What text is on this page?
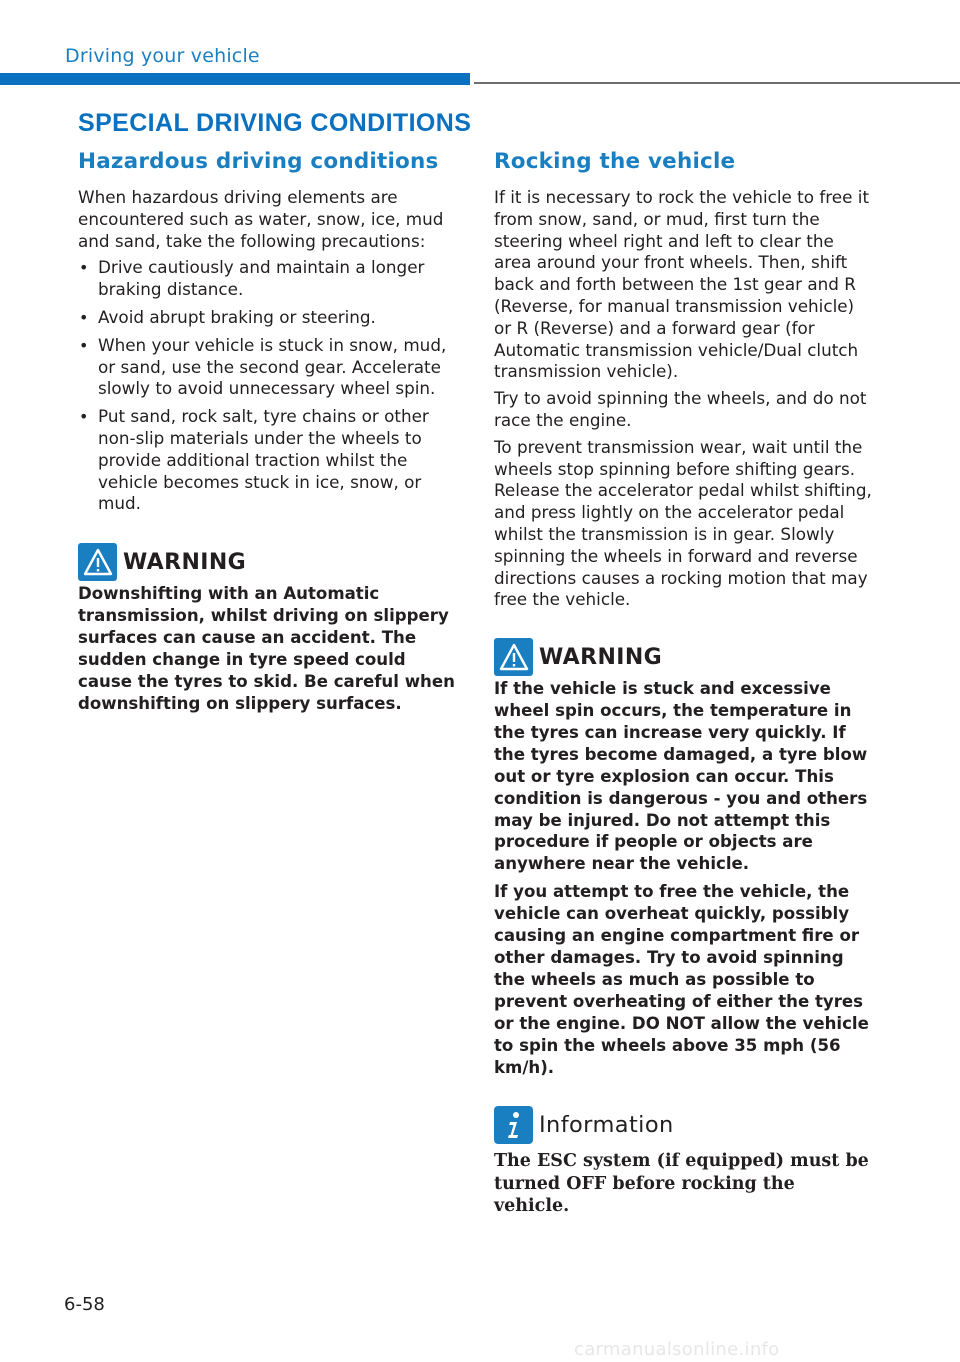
Driving your vehicle
SPECIAL DRIVING CONDITIONS
Hazardous driving conditions

When hazardous driving elements are encountered such as water, snow, ice, mud and sand, take the following precautions:

• Drive cautiously and maintain a longer braking distance.
• Avoid abrupt braking or steering.
• When your vehicle is stuck in snow, mud, or sand, use the second gear. Accelerate slowly to avoid unnecessary wheel spin.
• Put sand, rock salt, tyre chains or other non-slip materials under the wheels to provide additional traction whilst the vehicle becomes stuck in ice, snow, or mud.
WARNING

Downshifting with an Automatic transmission, whilst driving on slippery surfaces can cause an accident. The sudden change in tyre speed could cause the tyres to skid. Be careful when downshifting on slippery surfaces.

Rocking the vehicle

If it is necessary to rock the vehicle to free it from snow, sand, or mud, first turn the steering wheel right and left to clear the area around your front wheels. Then, shift back and forth between the 1st gear and R (Reverse, for manual transmission vehicle) or R (Reverse) and a forward gear (for Automatic transmission vehicle/Dual clutch transmission vehicle).

Try to avoid spinning the wheels, and do not race the engine.

To prevent transmission wear, wait until the wheels stop spinning before shifting gears. Release the accelerator pedal whilst shifting, and press lightly on the accelerator pedal whilst the transmission is in gear. Slowly spinning the wheels in forward and reverse directions causes a rocking motion that may free the vehicle.

WARNING

If the vehicle is stuck and excessive wheel spin occurs, the temperature in the tyres can increase very quickly. If the tyres become damaged, a tyre blow out or tyre explosion can occur. This condition is dangerous - you and others may be injured. Do not attempt this procedure if people or objects are anywhere near the vehicle.

If you attempt to free the vehicle, the vehicle can overheat quickly, possibly causing an engine compartment fire or other damages. Try to avoid spinning the wheels as much as possible to prevent overheating of either the tyres or the engine. DO NOT allow the vehicle to spin the wheels above 35 mph (56 km/h).

Information

The ESC system (if equipped) must be turned OFF before rocking the vehicle.

6-58
carmanualsonline.info
